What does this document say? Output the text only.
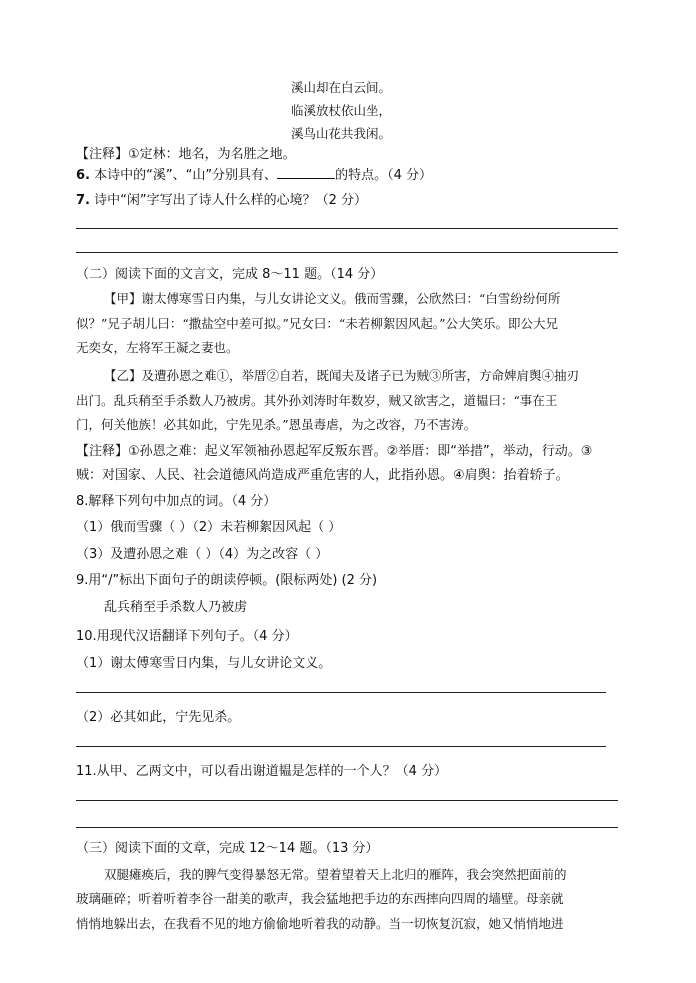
溪山却在白云间。
临溪放杖依山坐，
溪鸟山花共我闲。
【注释】①定林：地名，为名胜之地。
6. 本诗中的“溪”、“山”分别具有、	的特点。（4 分）
7. 诗中“闲”字写出了诗人什么样的心境？（2 分）
（二）阅读下面的文言文，完成 8～11 题。（14 分）
【甲】谢太傅寒雪日内集，与儿女讲论文义。俄而雪骤，公欣然曰：“白雪纷纷何所
似？”兄子胡儿曰：“撒盐空中差可拟。”兄女曰：“未若柳絮因风起。”公大笑乐。即公大兄
无奕女，左将军王凝之妻也。
【乙】及遭孙恩之难①，举厝②自若，既闻夫及诸子已为贼③所害，方命婢肩舆④抽刃
出门。乱兵稍至手杀数人乃被虏。其外孙刘涛时年数岁，贼又欲害之，道韫曰：“事在王
门，何关他族！必其如此，宁先见杀。”恩虽毒虐，为之改容，乃不害涛。
【注释】①孙恩之难：起义军领袖孙恩起军反叛东晋。②举厝：即“举措”，举动，行动。③
贼：对国家、人民、社会道德风尚造成严重危害的人，此指孙恩。④肩舆：抬着轿子。
8.解释下列句中加点的词。（4 分）
（1）俄而雪骤（ ）（2）未若柳絮因风起（ ）
（3）及遭孙恩之难（ ）（4）为之改容（ ）
9.用“/”标出下面句子的朗读停顿。(限标两处) (2 分)
乱兵稍至手杀数人乃被虏
10.用现代汉语翻译下列句子。（4 分）
（1）谢太傅寒雪日内集，与儿女讲论文义。
（2）必其如此，宁先见杀。
11.从甲、乙两文中，可以看出谢道韫是怎样的一个人？（4 分）
（三）阅读下面的文章，完成 12～14 题。（13 分）
双腿瘫痪后，我的脾气变得暴怒无常。望着望着天上北归的雁阵，我会突然把面前的
玻璃砸碎；听着听着李谷一甜美的歌声，我会猛地把手边的东西摔向四周的墙壁。母亲就
悄悄地躲出去，在我看不见的地方偷偷地听着我的动静。当一切恢复沉寂，她又悄悄地进
